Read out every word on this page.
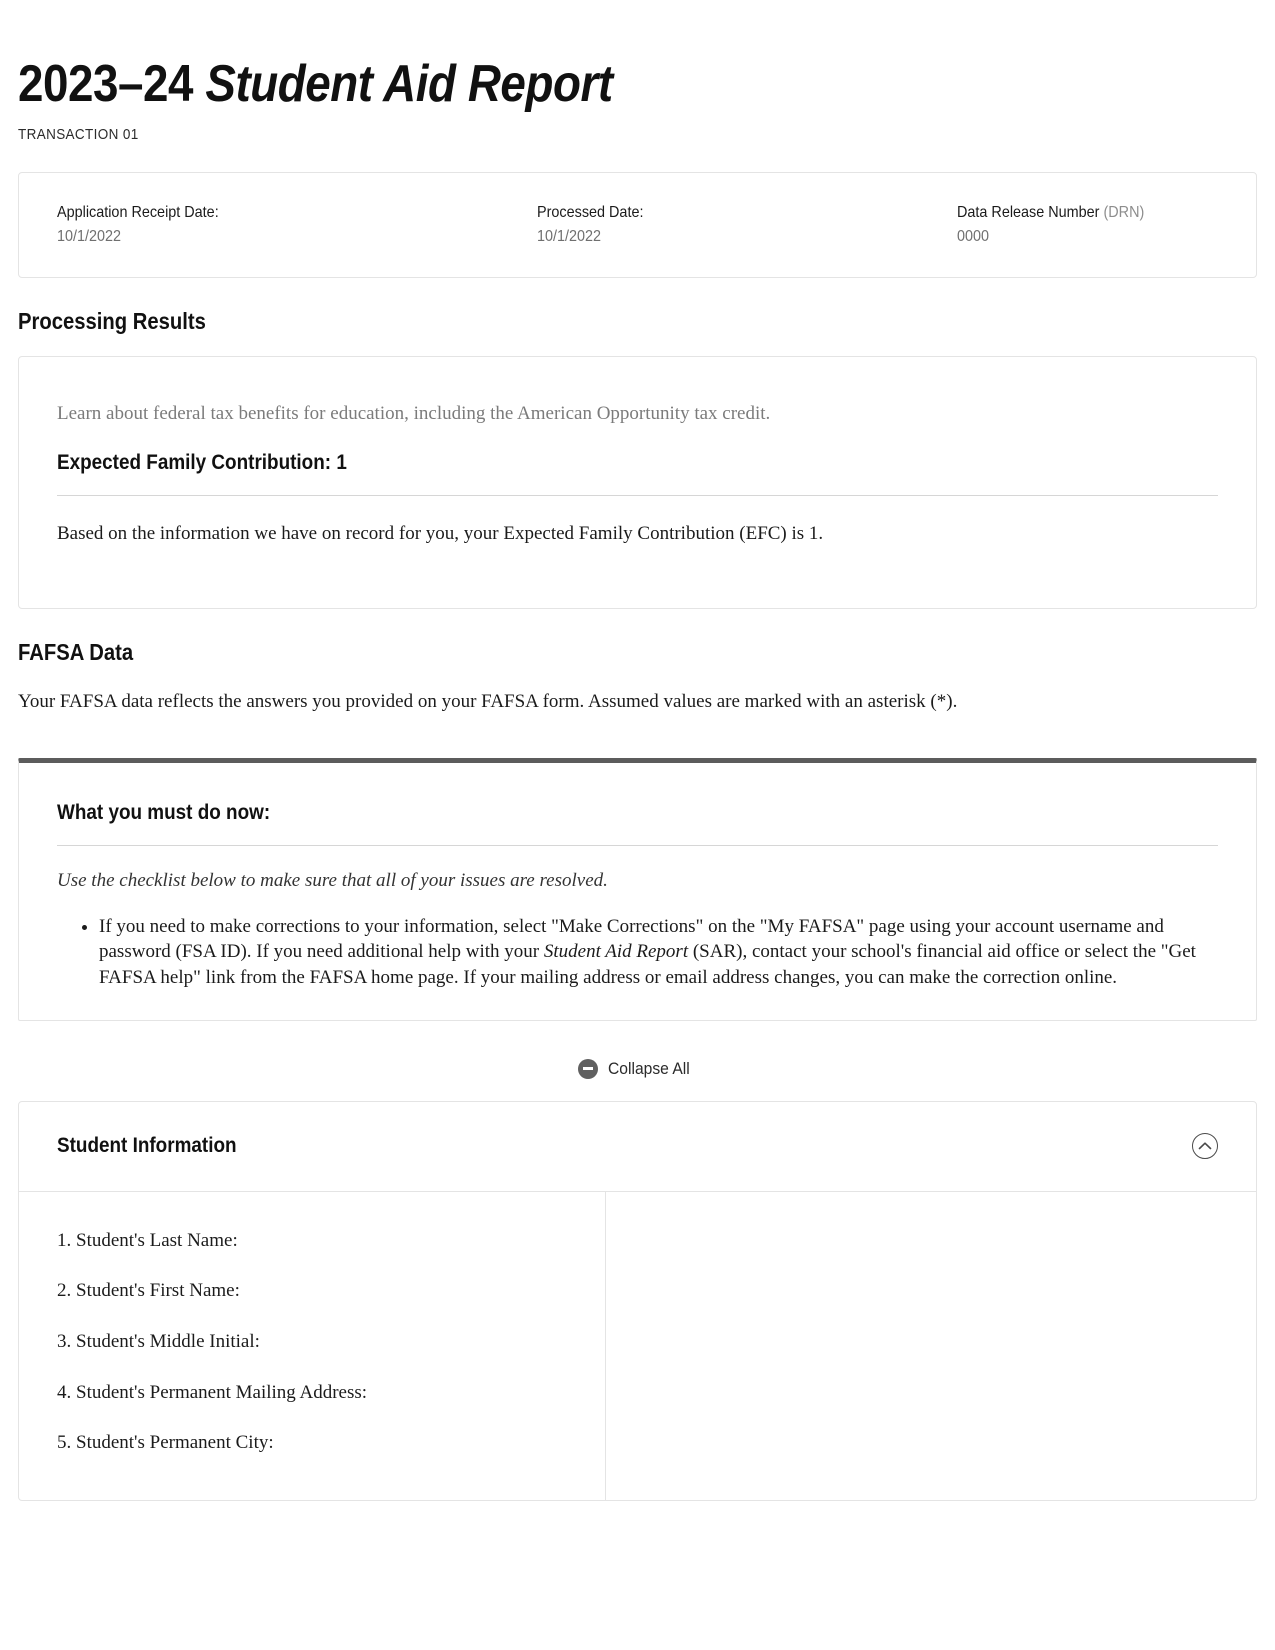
2023–24 Student Aid Report
TRANSACTION 01
Application Receipt Date:
10/1/2022
Processed Date:
10/1/2022
Data Release Number (DRN)
0000
Processing Results
Learn about federal tax benefits for education, including the American Opportunity tax credit.
Expected Family Contribution: 1
Based on the information we have on record for you, your Expected Family Contribution (EFC) is 1.
FAFSA Data
Your FAFSA data reflects the answers you provided on your FAFSA form. Assumed values are marked with an asterisk (*).
What you must do now:
Use the checklist below to make sure that all of your issues are resolved.
• If you need to make corrections to your information, select "Make Corrections" on the "My FAFSA" page using your account username and password (FSA ID). If you need additional help with your Student Aid Report (SAR), contact your school's financial aid office or select the "Get FAFSA help" link from the FAFSA home page. If your mailing address or email address changes, you can make the correction online.
Collapse All
Student Information
1. Student's Last Name:
2. Student's First Name:
3. Student's Middle Initial:
4. Student's Permanent Mailing Address:
5. Student's Permanent City:
